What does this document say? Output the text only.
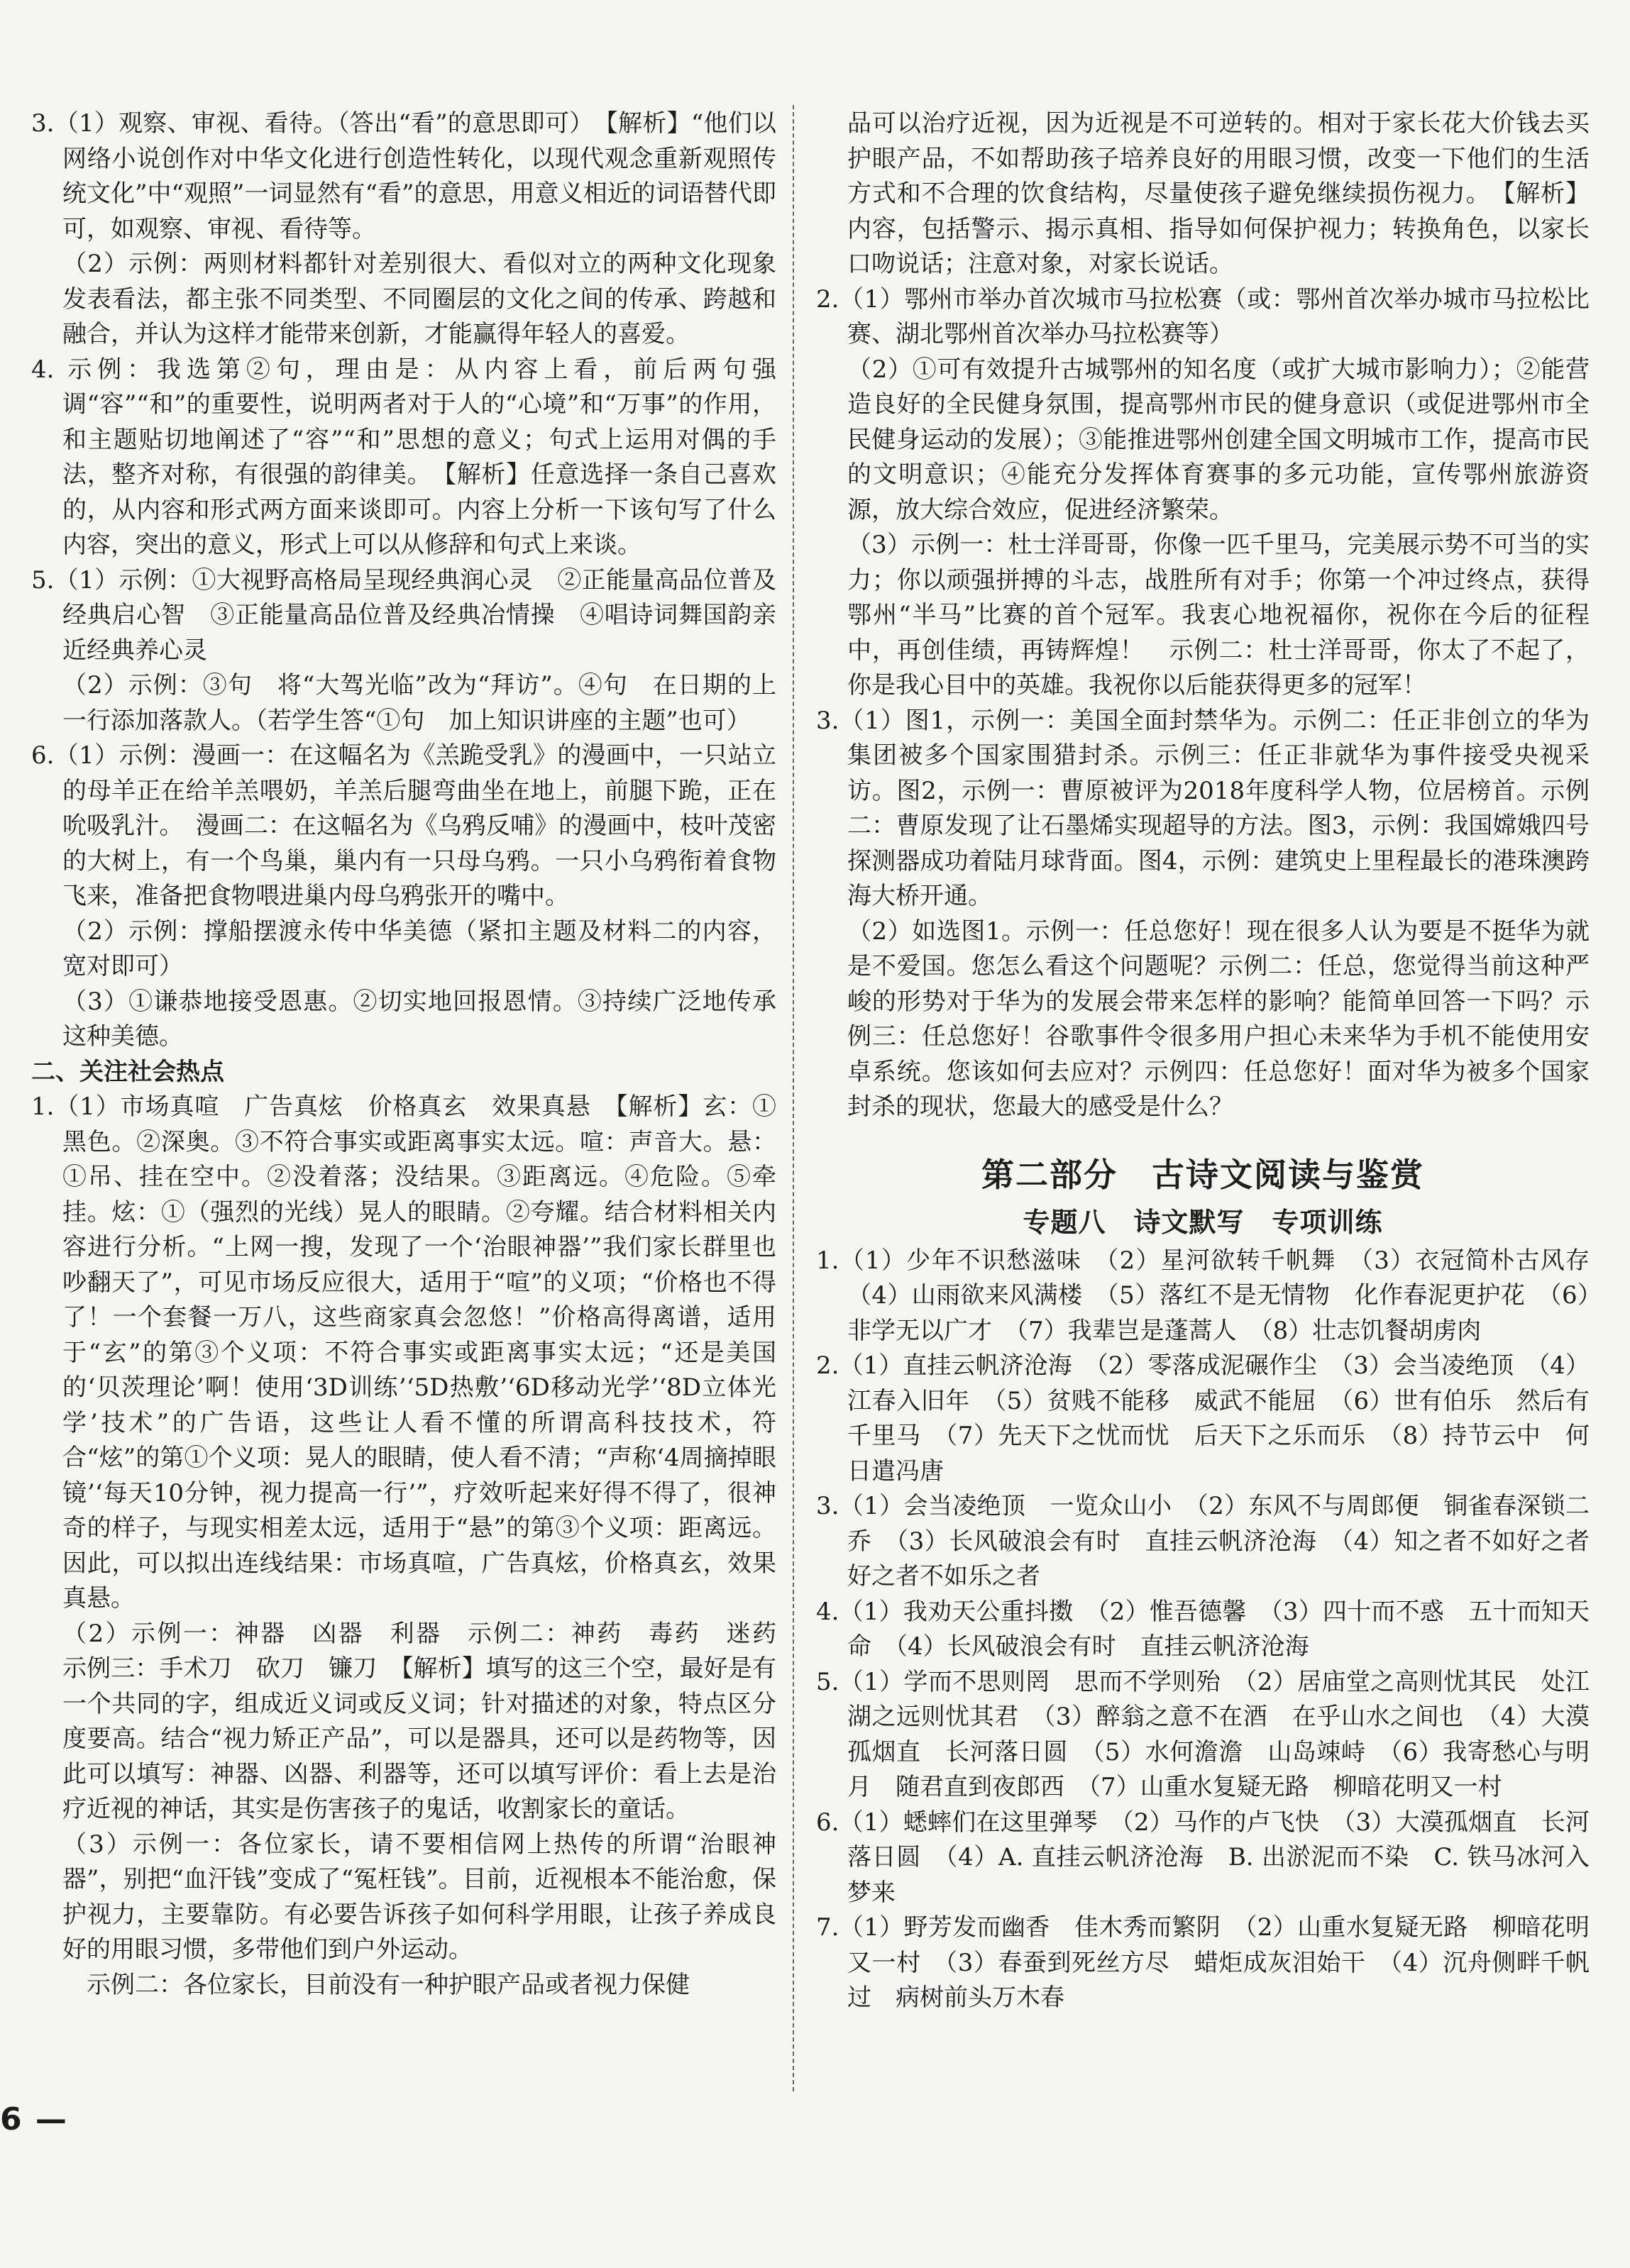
3.（1）观察、审视、看待。（答出“看”的意思即可）　【解析】“他们以网络小说创作对中华文化进行创造性转化，以现代观念重新观照传统文化”中“观照”一词显然有“看”的意思，用意义相近的词语替代即可，如观察、审视、看待等。

（2）示例：两则材料都针对差别很大、看似对立的两种文化现象发表看法，都主张不同类型、不同圈层的文化之间的传承、跨越和融合，并认为这样才能带来创新，才能赢得年轻人的喜爱。

4. 示例：我选第②句，理由是：从内容上看，前后两句强调“容”“和”的重要性，说明两者对于人的“心境”和“万事”的作用，和主题贴切地阐述了“容”“和”思想的意义；句式上运用对偶的手法，整齐对称，有很强的韵律美。　【解析】任意选择一条自己喜欢的，从内容和形式两方面来谈即可。内容上分析一下该句写了什么内容，突出的意义，形式上可以从修辞和句式上来谈。

5.（1）示例：①大视野高格局呈现经典润心灵　②正能量高品位普及经典启心智　③正能量高品位普及经典冶情操　④唱诗词舞国韵亲近经典养心灵

（2）示例：③句　将“大驾光临”改为“拜访”。④句　在日期的上一行添加落款人。（若学生答“①句　加上知识讲座的主题”也可）

6.（1）示例：漫画一：在这幅名为《羔跪受乳》的漫画中，一只站立的母羊正在给羊羔喂奶，羊羔后腿弯曲坐在地上，前腿下跪，正在吮吸乳汁。　漫画二：在这幅名为《乌鸦反哺》的漫画中，枝叶茂密的大树上，有一个鸟巢，巢内有一只母乌鸦。一只小乌鸦衔着食物飞来，准备把食物喂进巢内母乌鸦张开的嘴中。

（2）示例：撑船摆渡永传中华美德（紧扣主题及材料二的内容，宽对即可）

（3）①谦恭地接受恩惠。②切实地回报恩情。③持续广泛地传承这种美德。

二、关注社会热点

1.（1）市场真喧　广告真炫　价格真玄　效果真悬　【解析】玄：①黑色。②深奥。③不符合事实或距离事实太远。喧：声音大。悬：①吊、挂在空中。②没着落；没结果。③距离远。④危险。⑤牵挂。炫：①（强烈的光线）晃人的眼睛。②夸耀。结合材料相关内容进行分析。“上网一搜，发现了一个‘治眼神器’”我们家长群里也吵翻天了”，可见市场反应很大，适用于“喧”的义项；“价格也不得了！一个套餐一万八，这些商家真会忽悠！”价格高得离谱，适用于“玄”的第③个义项：不符合事实或距离事实太远；“还是美国的‘贝茨理论’啊！使用‘3D训练’‘5D热敷’‘6D移动光学’‘8D立体光学’技术”的广告语，这些让人看不懂的所谓高科技技术，符合“炫”的第①个义项：晃人的眼睛，使人看不清；“声称‘4周摘掉眼镜’‘每天10分钟，视力提高一行’”，疗效听起来好得不得了，很神奇的样子，与现实相差太远，适用于“悬”的第③个义项：距离远。因此，可以拟出连线结果：市场真喧，广告真炫，价格真玄，效果真悬。

（2）示例一：神器　凶器　利器　示例二：神药　毒药　迷药　示例三：手术刀　砍刀　镰刀　【解析】填写的这三个空，最好是有一个共同的字，组成近义词或反义词；针对描述的对象，特点区分度要高。结合“视力矫正产品”，可以是器具，还可以是药物等，因此可以填写：神器、凶器、利器等，还可以填写评价：看上去是治疗近视的神话，其实是伤害孩子的鬼话，收割家长的童话。

（3）示例一：各位家长，请不要相信网上热传的所谓“治眼神器”，别把“血汗钱”变成了“冤枉钱”。目前，近视根本不能治愈，保护视力，主要靠防。有必要告诉孩子如何科学用眼，让孩子养成良好的用眼习惯，多带他们到户外运动。

示例二：各位家长，目前没有一种护眼产品或者视力保健

品可以治疗近视，因为近视是不可逆转的。相对于家长花大价钱去买护眼产品，不如帮助孩子培养良好的用眼习惯，改变一下他们的生活方式和不合理的饮食结构，尽量使孩子避免继续损伤视力。　【解析】内容，包括警示、揭示真相、指导如何保护视力；转换角色，以家长口吻说话；注意对象，对家长说话。

2.（1）鄂州市举办首次城市马拉松赛（或：鄂州首次举办城市马拉松比赛、湖北鄂州首次举办马拉松赛等）

（2）①可有效提升古城鄂州的知名度（或扩大城市影响力）；②能营造良好的全民健身氛围，提高鄂州市民的健身意识（或促进鄂州市全民健身运动的发展）；③能推进鄂州创建全国文明城市工作，提高市民的文明意识；④能充分发挥体育赛事的多元功能，宣传鄂州旅游资源，放大综合效应，促进经济繁荣。

（3）示例一：杜士洋哥哥，你像一匹千里马，完美展示势不可当的实力；你以顽强拼搏的斗志，战胜所有对手；你第一个冲过终点，获得鄂州“半马”比赛的首个冠军。我衷心地祝福你，祝你在今后的征程中，再创佳绩，再铸辉煌！　示例二：杜士洋哥哥，你太了不起了，你是我心目中的英雄。我祝你以后能获得更多的冠军！

3.（1）图1，示例一：美国全面封禁华为。示例二：任正非创立的华为集团被多个国家围猎封杀。示例三：任正非就华为事件接受央视采访。图2，示例一：曹原被评为2018年度科学人物，位居榜首。示例二：曹原发现了让石墨烯实现超导的方法。图3，示例：我国嫦娥四号探测器成功着陆月球背面。图4，示例：建筑史上里程最长的港珠澳跨海大桥开通。

（2）如选图1。示例一：任总您好！现在很多人认为要是不挺华为就是不爱国。您怎么看这个问题呢？示例二：任总，您觉得当前这种严峻的形势对于华为的发展会带来怎样的影响？能简单回答一下吗？示例三：任总您好！谷歌事件令很多用户担心未来华为手机不能使用安卓系统。您该如何去应对？示例四：任总您好！面对华为被多个国家封杀的现状，您最大的感受是什么？

第二部分　古诗文阅读与鉴赏
专题八　诗文默写　专项训练

1.（1）少年不识愁滋味　（2）星河欲转千帆舞　（3）衣冠简朴古风存　（4）山雨欲来风满楼　（5）落红不是无情物　化作春泥更护花　（6）非学无以广才　（7）我辈岂是蓬蒿人　（8）壮志饥餐胡虏肉

2.（1）直挂云帆济沧海　（2）零落成泥碾作尘　（3）会当凌绝顶　（4）江春入旧年　（5）贫贱不能移　威武不能屈　（6）世有伯乐　然后有千里马　（7）先天下之忧而忧　后天下之乐而乐　（8）持节云中　何日遣冯唐

3.（1）会当凌绝顶　一览众山小　（2）东风不与周郎便　铜雀春深锁二乔　（3）长风破浪会有时　直挂云帆济沧海　（4）知之者不如好之者　好之者不如乐之者

4.（1）我劝天公重抖擞　（2）惟吾德馨　（3）四十而不惑　五十而知天命　（4）长风破浪会有时　直挂云帆济沧海

5.（1）学而不思则罔　思而不学则殆　（2）居庙堂之高则忧其民　处江湖之远则忧其君　（3）醉翁之意不在酒　在乎山水之间也　（4）大漠孤烟直　长河落日圆　（5）水何澹澹　山岛竦峙　（6）我寄愁心与明月　随君直到夜郎西　（7）山重水复疑无路　柳暗花明又一村

6.（1）蟋蟀们在这里弹琴　（2）马作的卢飞快　（3）大漠孤烟直　长河落日圆　（4）A. 直挂云帆济沧海　B. 出淤泥而不染　C. 铁马冰河入梦来

7.（1）野芳发而幽香　佳木秀而繁阴　（2）山重水复疑无路　柳暗花明又一村　（3）春蚕到死丝方尽　蜡炬成灰泪始干　（4）沉舟侧畔千帆过　病树前头万木春

6 —
